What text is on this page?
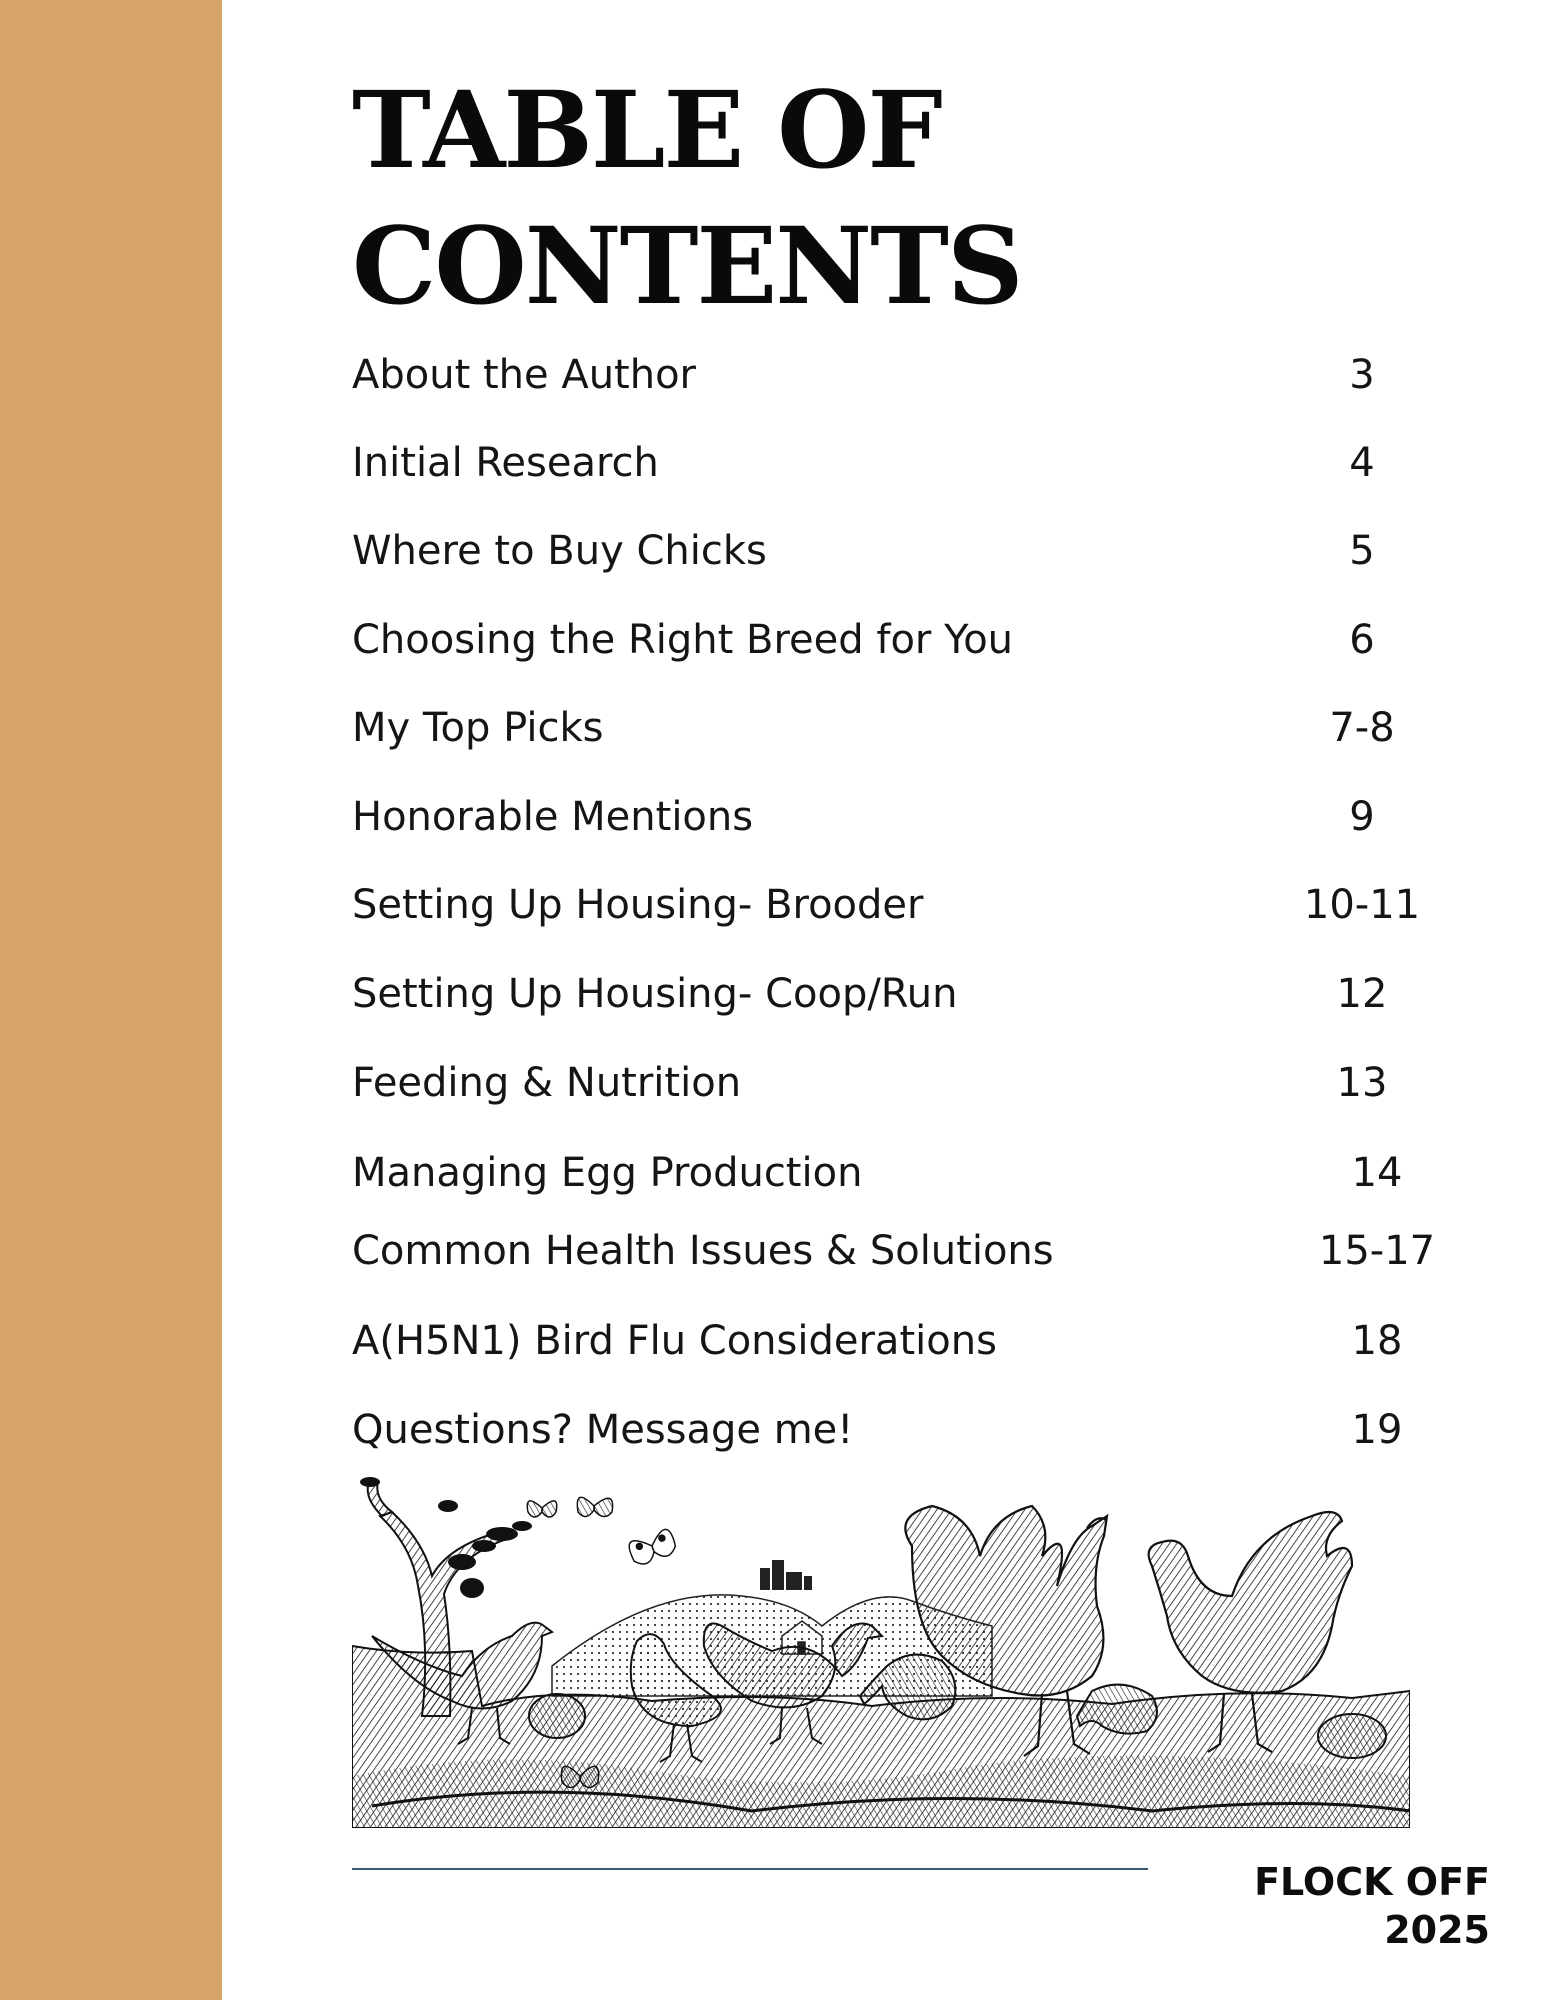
TABLE OF
CONTENTS
About the Author	3
Initial Research	4
Where to Buy Chicks	5
Choosing the Right Breed for You	6
My Top Picks	7-8
Honorable Mentions	9
Setting Up Housing- Brooder	10-11
Setting Up Housing- Coop/Run	12
Feeding & Nutrition	13
Managing Egg Production	14
Common Health Issues & Solutions	15-17
A(H5N1) Bird Flu Considerations	18
Questions? Message me!	19
FLOCK OFF
2025
